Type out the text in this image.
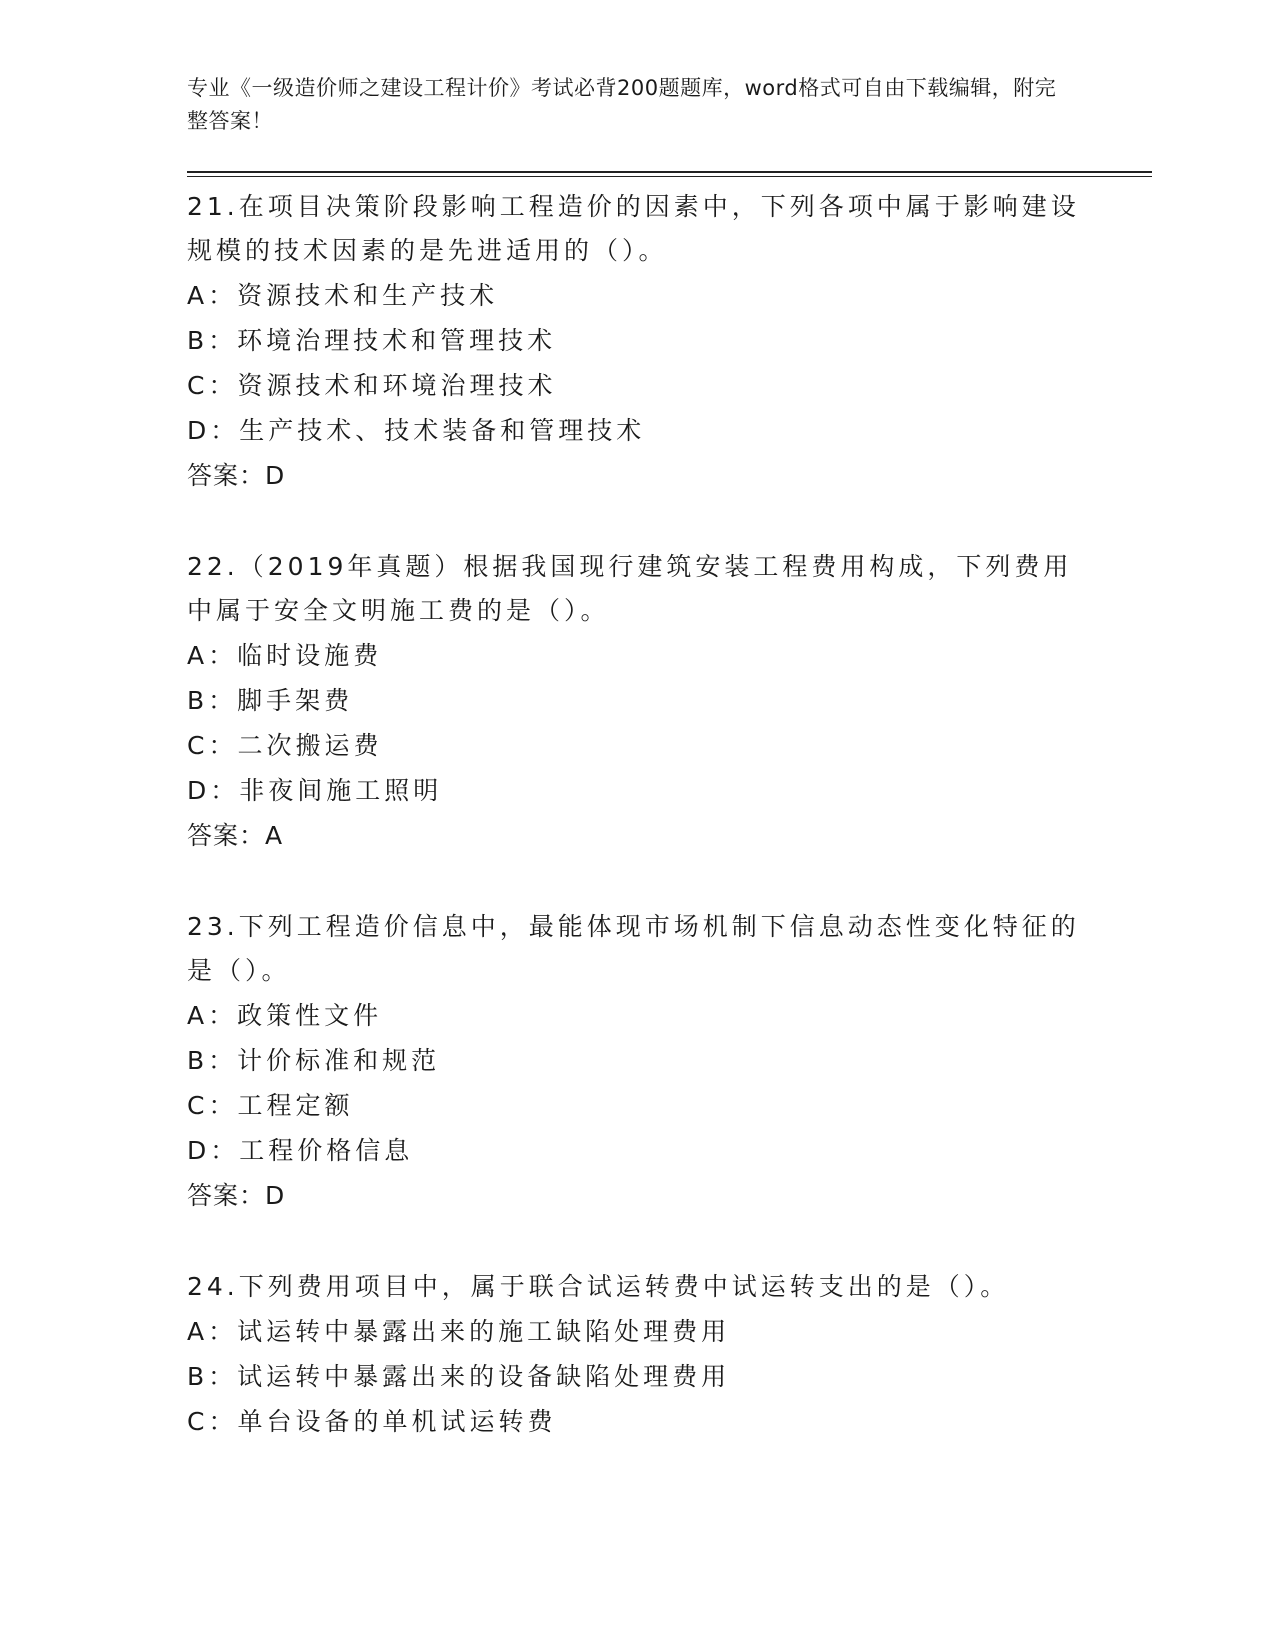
专业《一级造价师之建设工程计价》考试必背200题题库，word格式可自由下载编辑，附完整答案！

21.在项目决策阶段影响工程造价的因素中，下列各项中属于影响建设规模的技术因素的是先进适用的（）。

A：资源技术和生产技术

B：环境治理技术和管理技术

C：资源技术和环境治理技术

D：生产技术、技术装备和管理技术

答案：D

22.（2019年真题）根据我国现行建筑安装工程费用构成，下列费用中属于安全文明施工费的是（）。

A：临时设施费

B：脚手架费

C：二次搬运费

D：非夜间施工照明

答案：A

23.下列工程造价信息中，最能体现市场机制下信息动态性变化特征的是（）。

A：政策性文件

B：计价标准和规范

C：工程定额

D：工程价格信息

答案：D

24.下列费用项目中，属于联合试运转费中试运转支出的是（）。

A：试运转中暴露出来的施工缺陷处理费用

B：试运转中暴露出来的设备缺陷处理费用

C：单台设备的单机试运转费
